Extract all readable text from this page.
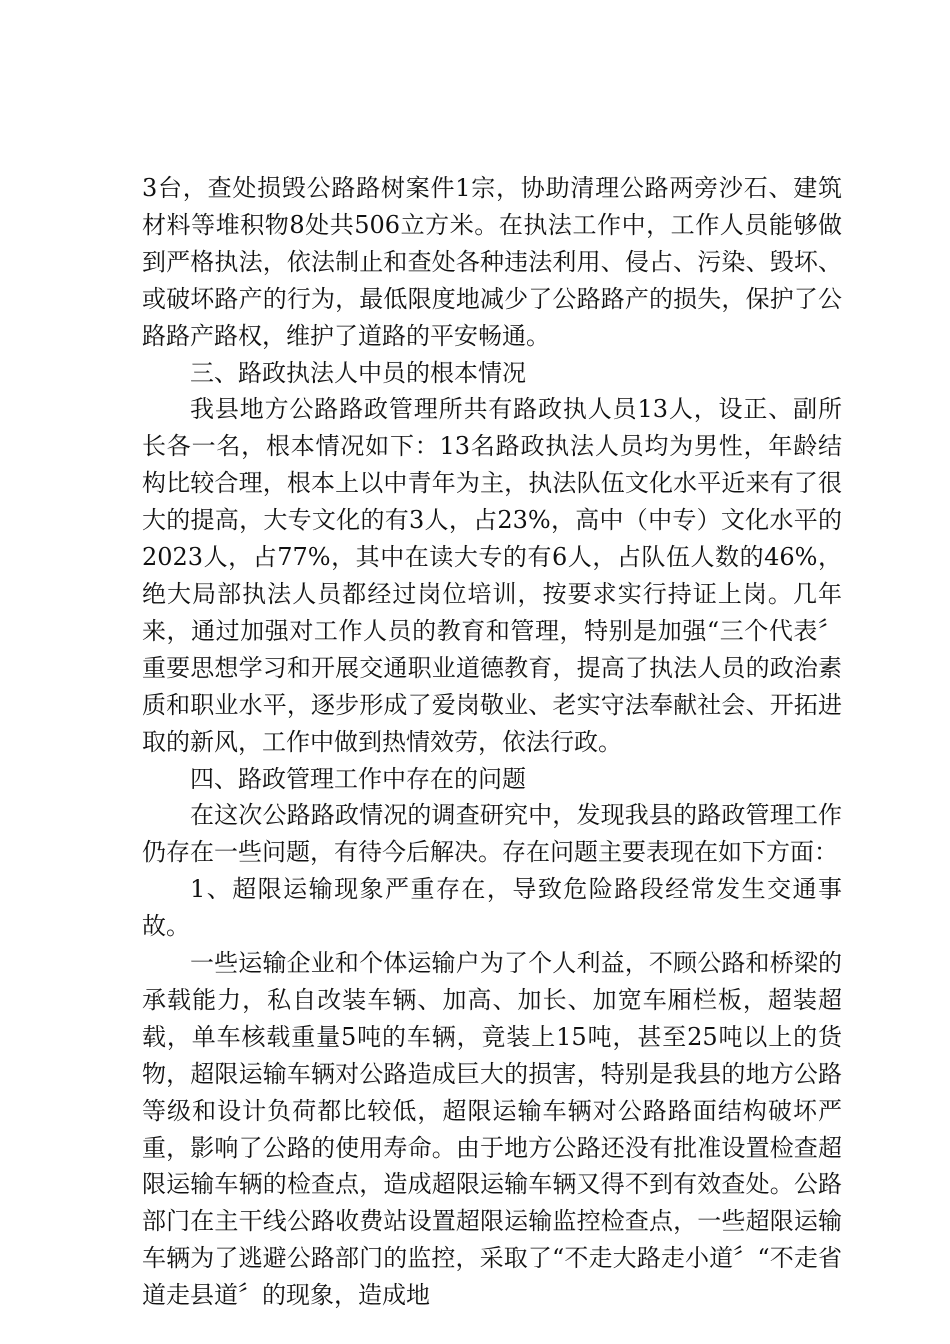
3台，查处损毁公路路树案件1宗，协助清理公路两旁沙石、建筑材料等堆积物8处共506立方米。在执法工作中，工作人员能够做到严格执法，依法制止和查处各种违法利用、侵占、污染、毁坏、或破坏路产的行为，最低限度地减少了公路路产的损失，保护了公路路产路权，维护了道路的平安畅通。

三、路政执法人中员的根本情况

我县地方公路路政管理所共有路政执人员13人，设正、副所长各一名，根本情况如下：13名路政执法人员均为男性，年龄结构比较合理，根本上以中青年为主，执法队伍文化水平近来有了很大的提高，大专文化的有3人，占23%，高中（中专）文化水平的2023人，占77%，其中在读大专的有6人，占队伍人数的46%，绝大局部执法人员都经过岗位培训，按要求实行持证上岗。几年来，通过加强对工作人员的教育和管理，特别是加强“三个代表〞重要思想学习和开展交通职业道德教育，提高了执法人员的政治素质和职业水平，逐步形成了爱岗敬业、老实守法奉献社会、开拓进取的新风，工作中做到热情效劳，依法行政。

四、路政管理工作中存在的问题

在这次公路路政情况的调查研究中，发现我县的路政管理工作仍存在一些问题，有待今后解决。存在问题主要表现在如下方面：

1、超限运输现象严重存在，导致危险路段经常发生交通事故。

一些运输企业和个体运输户为了个人利益，不顾公路和桥梁的承载能力，私自改装车辆、加高、加长、加宽车厢栏板，超装超载，单车核载重量5吨的车辆，竟装上15吨，甚至25吨以上的货物，超限运输车辆对公路造成巨大的损害，特别是我县的地方公路等级和设计负荷都比较低，超限运输车辆对公路路面结构破坏严重，影响了公路的使用寿命。由于地方公路还没有批准设置检查超限运输车辆的检查点，造成超限运输车辆又得不到有效查处。公路部门在主干线公路收费站设置超限运输监控检查点，一些超限运输车辆为了逃避公路部门的监控，采取了“不走大路走小道〞“不走省道走县道〞的现象，造成地
